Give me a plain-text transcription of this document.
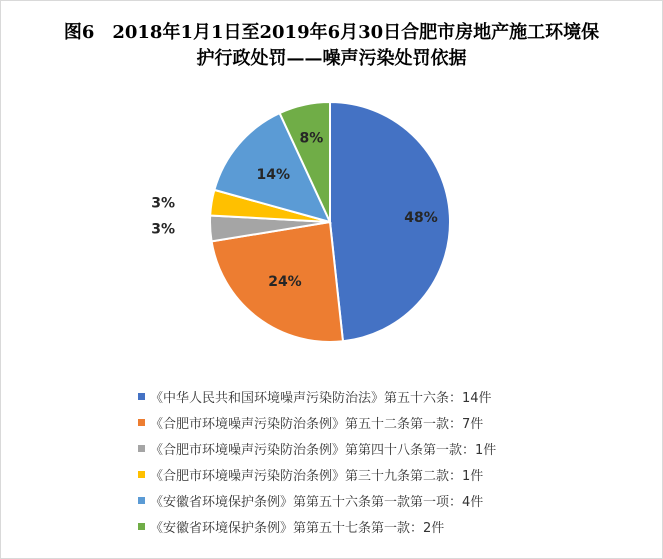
图6　2018年1月1日至2019年6月30日合肥市房地产施工环境保
护行政处罚——噪声污染处罚依据
48%
24%
3%
3%
14%
8%
《中华人民共和国环境噪声污染防治法》第五十六条：14件
《合肥市环境噪声污染防治条例》第五十二条第一款：7件
《合肥市环境噪声污染防治条例》第第四十八条第一款：1件
《合肥市环境噪声污染防治条例》第三十九条第二款：1件
《安徽省环境保护条例》第第五十六条第一款第一项：4件
《安徽省环境保护条例》第第五十七条第一款：2件
